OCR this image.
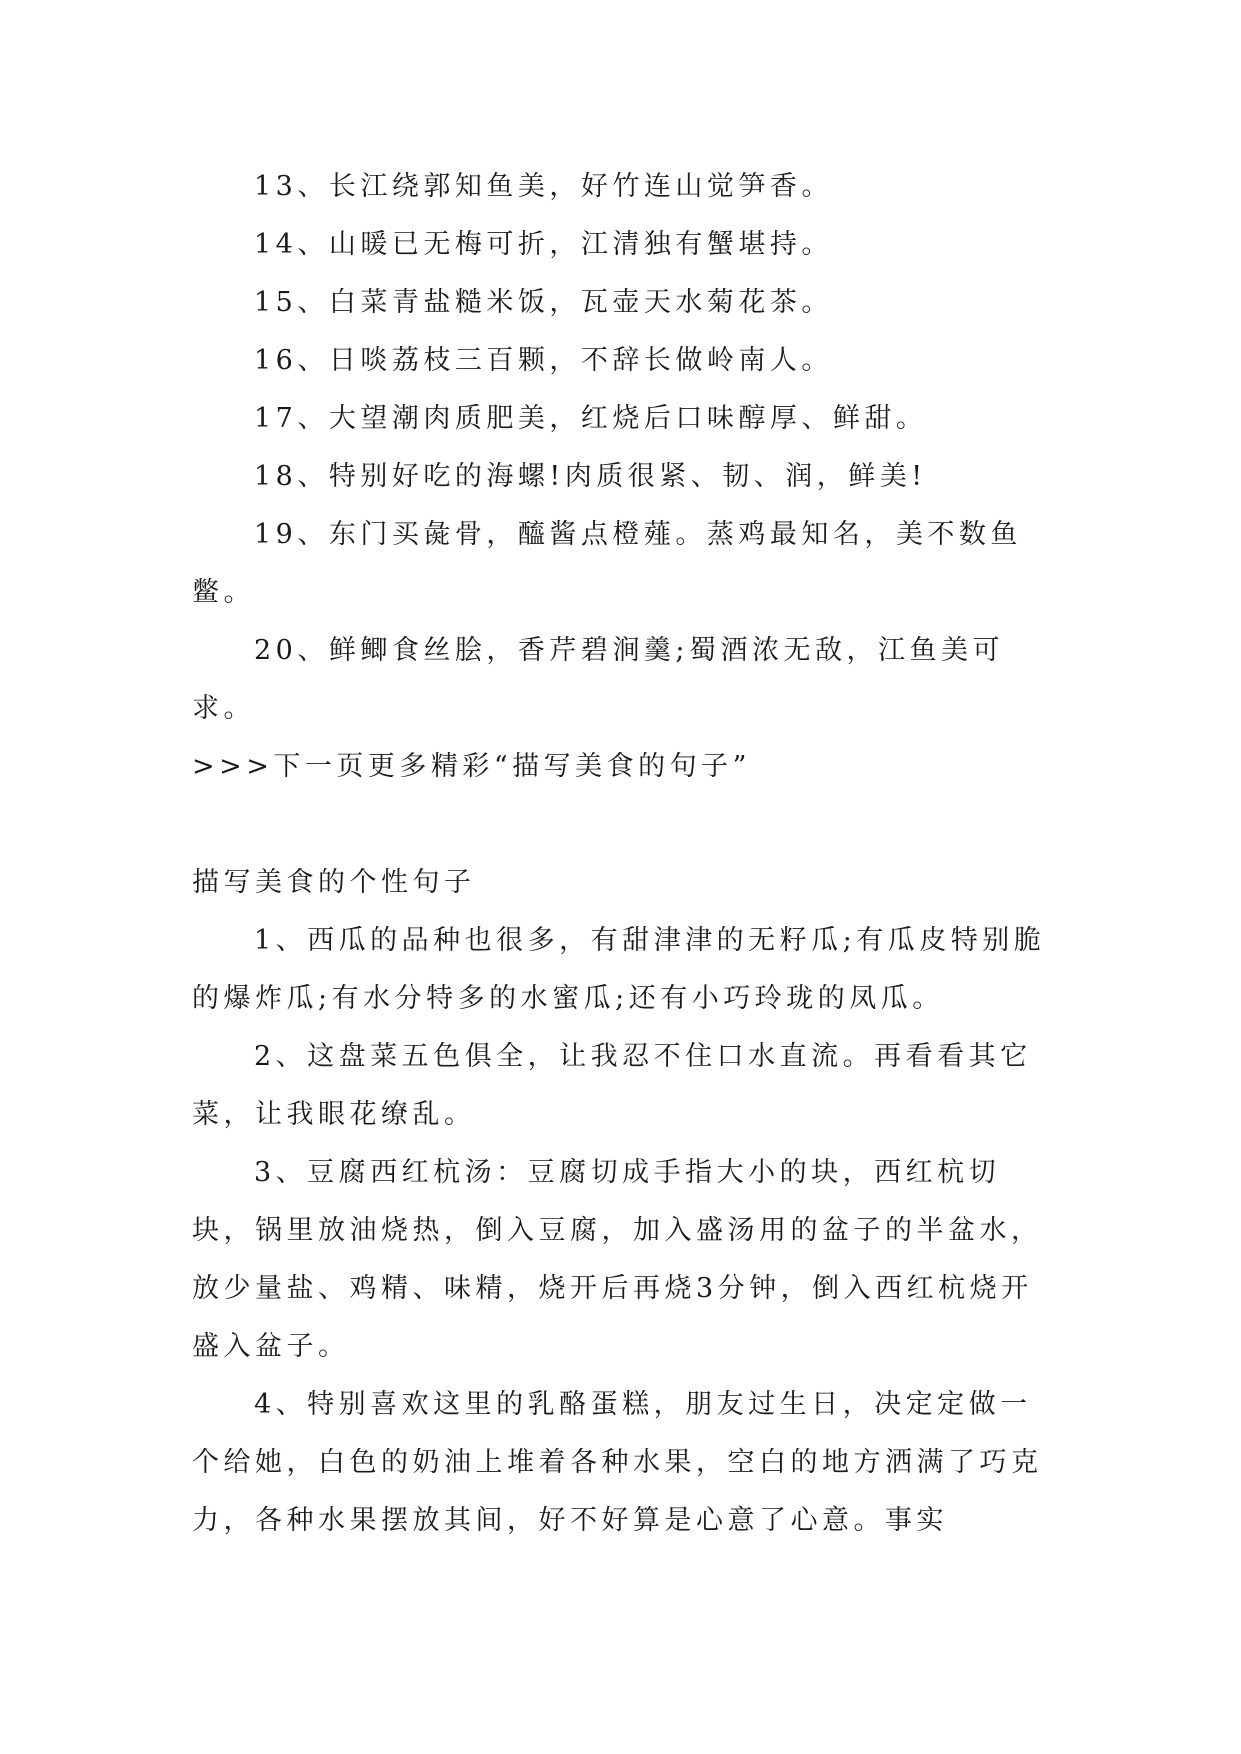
13、长江绕郭知鱼美，好竹连山觉笋香。

14、山暖已无梅可折，江清独有蟹堪持。

15、白菜青盐糙米饭，瓦壶天水菊花茶。

16、日啖荔枝三百颗，不辞长做岭南人。

17、大望潮肉质肥美，红烧后口味醇厚、鲜甜。

18、特别好吃的海螺!肉质很紧、韧、润，鲜美!

19、东门买彘骨，醯酱点橙薤。蒸鸡最知名，美不数鱼鳖。

20、鲜鲫食丝脍，香芹碧涧羹;蜀酒浓无敌，江鱼美可求。

>>>下一页更多精彩“描写美食的句子”

描写美食的个性句子

1、西瓜的品种也很多，有甜津津的无籽瓜;有瓜皮特别脆的爆炸瓜;有水分特多的水蜜瓜;还有小巧玲珑的凤瓜。

2、这盘菜五色俱全，让我忍不住口水直流。再看看其它菜，让我眼花缭乱。

3、豆腐西红杭汤：豆腐切成手指大小的块，西红杭切块，锅里放油烧热，倒入豆腐，加入盛汤用的盆子的半盆水，放少量盐、鸡精、味精，烧开后再烧3分钟，倒入西红杭烧开盛入盆子。

4、特别喜欢这里的乳酪蛋糕，朋友过生日，决定定做一个给她，白色的奶油上堆着各种水果，空白的地方洒满了巧克力，各种水果摆放其间，好不好算是心意了心意。事实
